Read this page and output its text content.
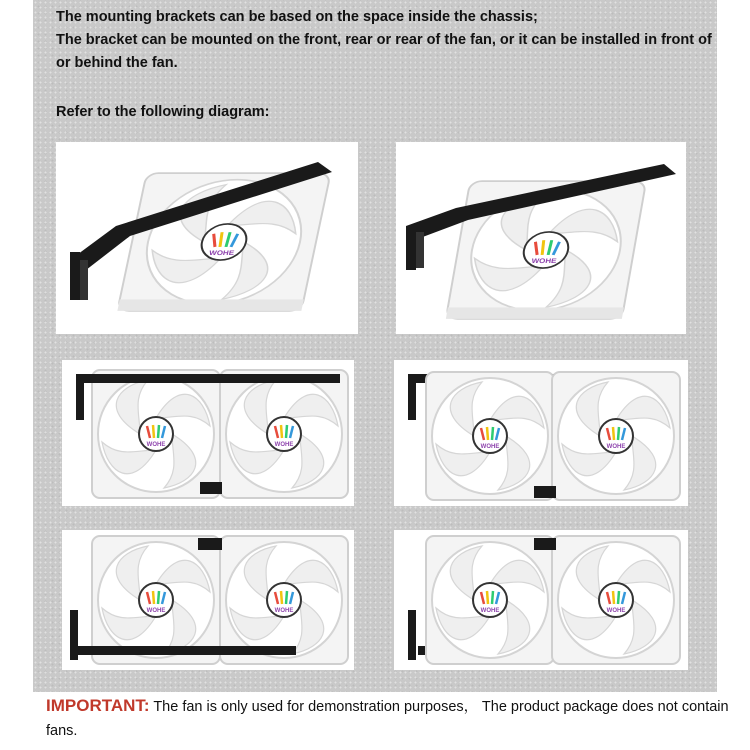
The mounting brackets can be based on the space inside the chassis;
The bracket can be mounted on the front, rear or rear of the fan, or it can be installed in front of or behind the fan.

Refer to the following diagram:

WOHE
WOHE
WOHE	WOHE	WOHE	WOHE
WOHE	WOHE	WOHE	WOHE

IMPORTANT: The fan is only used for demonstration purposes， The product package does not contain fans.
